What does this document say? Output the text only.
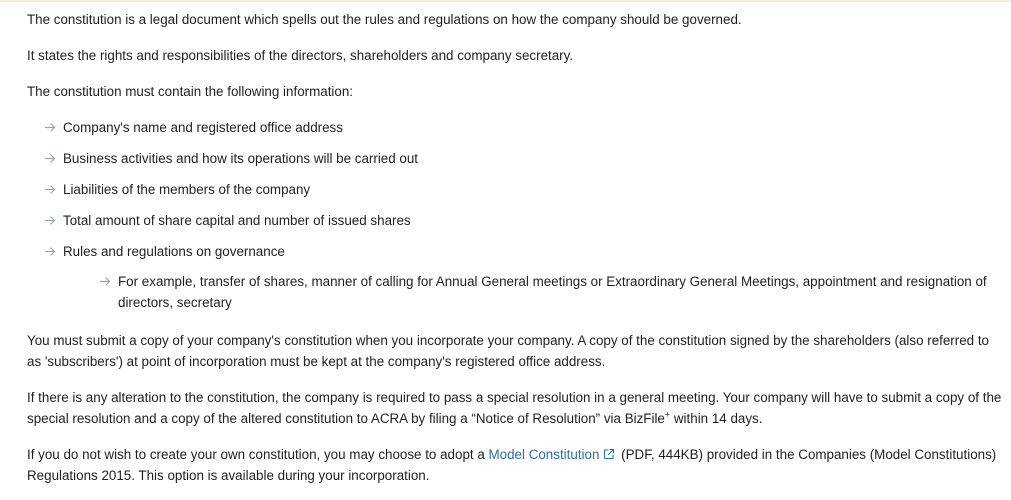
The constitution is a legal document which spells out the rules and regulations on how the company should be governed.

It states the rights and responsibilities of the directors, shareholders and company secretary.

The constitution must contain the following information:

Company's name and registered office address
Business activities and how its operations will be carried out
Liabilities of the members of the company
Total amount of share capital and number of issued shares
Rules and regulations on governance
For example, transfer of shares, manner of calling for Annual General meetings or Extraordinary General Meetings, appointment and resignation of directors, secretary

You must submit a copy of your company's constitution when you incorporate your company. A copy of the constitution signed by the shareholders (also referred to as 'subscribers') at point of incorporation must be kept at the company's registered office address.

If there is any alteration to the constitution, the company is required to pass a special resolution in a general meeting. Your company will have to submit a copy of the special resolution and a copy of the altered constitution to ACRA by filing a “Notice of Resolution” via BizFile+ within 14 days.

If you do not wish to create your own constitution, you may choose to adopt a Model Constitution (PDF, 444KB) provided in the Companies (Model Constitutions) Regulations 2015. This option is available during your incorporation.
